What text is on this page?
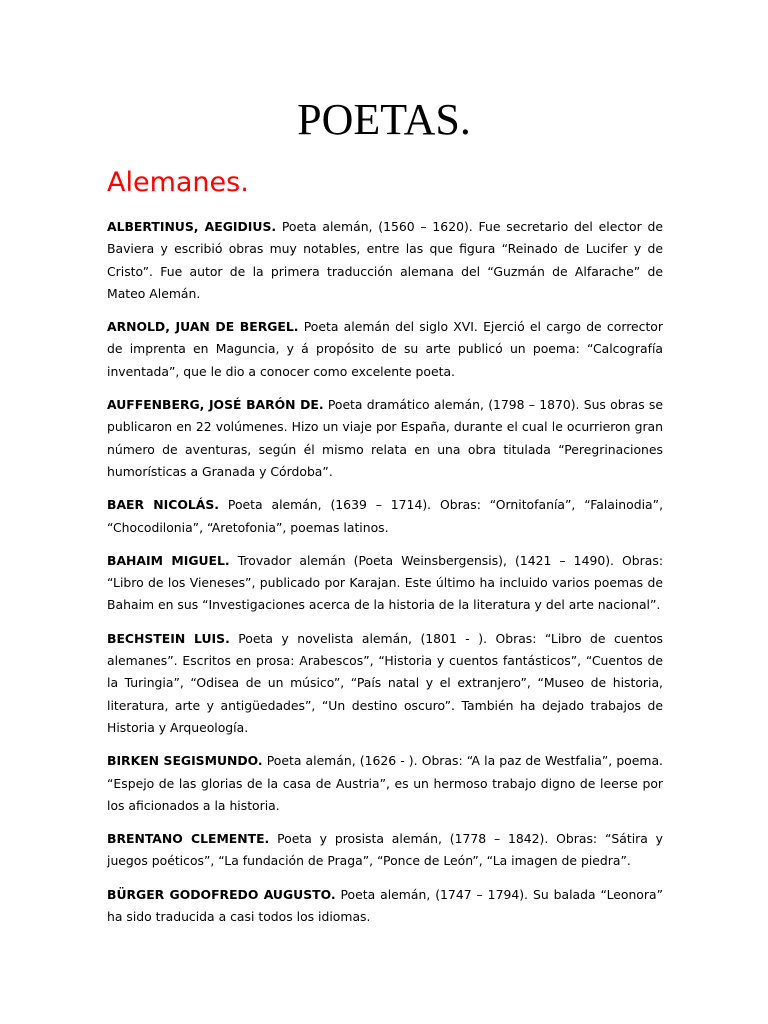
POETAS.
Alemanes.

ALBERTINUS, AEGIDIUS. Poeta alemán, (1560 – 1620). Fue secretario del elector de Baviera y escribió obras muy notables, entre las que figura “Reinado de Lucifer y de Cristo”. Fue autor de la primera traducción alemana del “Guzmán de Alfarache” de Mateo Alemán.

ARNOLD, JUAN DE BERGEL. Poeta alemán del siglo XVI. Ejerció el cargo de corrector de imprenta en Maguncia, y á propósito de su arte publicó un poema: “Calcografía inventada”, que le dio a conocer como excelente poeta.

AUFFENBERG, JOSÉ BARÓN DE. Poeta dramático alemán, (1798 – 1870). Sus obras se publicaron en 22 volúmenes. Hizo un viaje por España, durante el cual le ocurrieron gran número de aventuras, según él mismo relata en una obra titulada “Peregrinaciones humorísticas a Granada y Córdoba”.

BAER NICOLÁS. Poeta alemán, (1639 – 1714). Obras: “Ornitofanía”, “Falainodia”, “Chocodilonia”, “Aretofonia”, poemas latinos.

BAHAIM MIGUEL. Trovador alemán (Poeta Weinsbergensis), (1421 – 1490). Obras: “Libro de los Vieneses”, publicado por Karajan. Este último ha incluido varios poemas de Bahaim en sus “Investigaciones acerca de la historia de la literatura y del arte nacional”.

BECHSTEIN LUIS. Poeta y novelista alemán, (1801 - ). Obras: “Libro de cuentos alemanes”. Escritos en prosa: Arabescos”, “Historia y cuentos fantásticos”, “Cuentos de la Turingia”, “Odisea de un músico”, “País natal y el extranjero”, “Museo de historia, literatura, arte y antigüedades”, “Un destino oscuro”. También ha dejado trabajos de Historia y Arqueología.

BIRKEN SEGISMUNDO. Poeta alemán, (1626 - ). Obras: “A la paz de Westfalia”, poema. “Espejo de las glorias de la casa de Austria”, es un hermoso trabajo digno de leerse por los aficionados a la historia.

BRENTANO CLEMENTE. Poeta y prosista alemán, (1778 – 1842). Obras: “Sátira y juegos poéticos”, “La fundación de Praga”, “Ponce de León”, “La imagen de piedra”.

BÜRGER GODOFREDO AUGUSTO. Poeta alemán, (1747 – 1794). Su balada “Leonora” ha sido traducida a casi todos los idiomas.
